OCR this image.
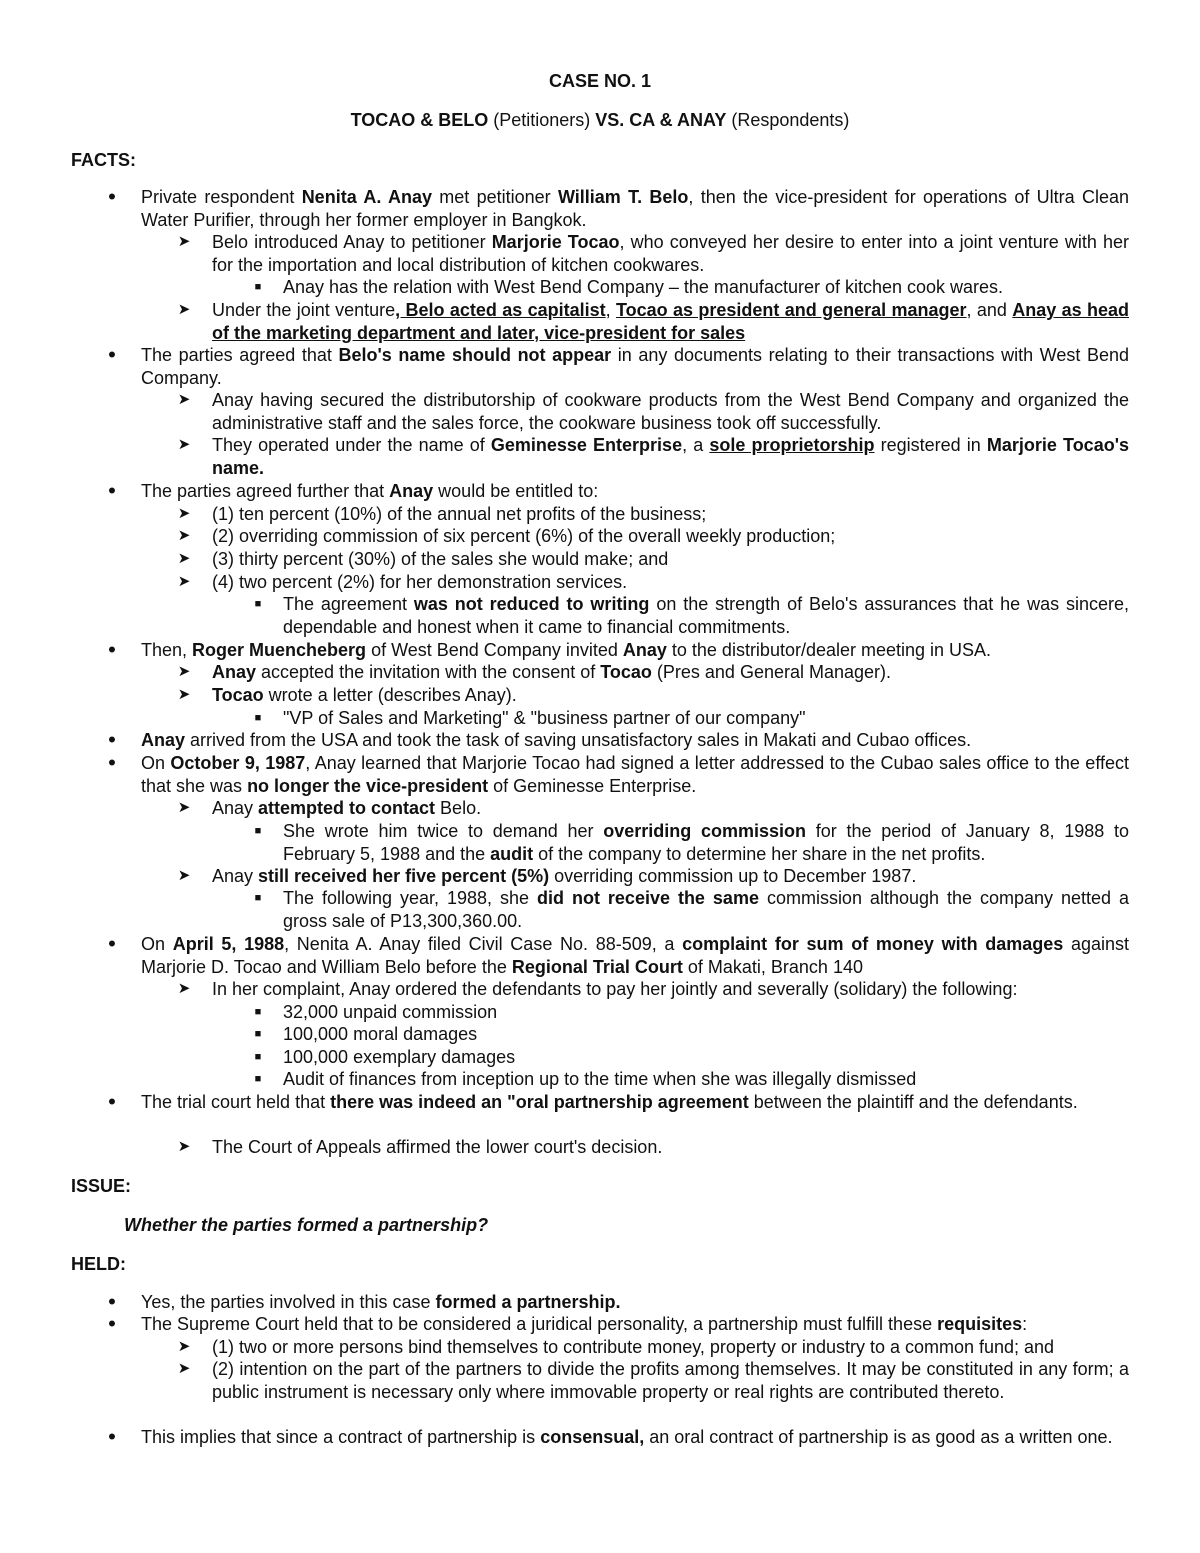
CASE NO. 1
TOCAO & BELO (Petitioners) VS. CA & ANAY (Respondents)
FACTS:
• Private respondent Nenita A. Anay met petitioner William T. Belo, then the vice-president for operations of Ultra Clean Water Purifier, through her former employer in Bangkok.
➤ Belo introduced Anay to petitioner Marjorie Tocao, who conveyed her desire to enter into a joint venture with her for the importation and local distribution of kitchen cookwares.
■ Anay has the relation with West Bend Company – the manufacturer of kitchen cook wares.
➤ Under the joint venture, Belo acted as capitalist, Tocao as president and general manager, and Anay as head of the marketing department and later, vice-president for sales
• The parties agreed that Belo's name should not appear in any documents relating to their transactions with West Bend Company.
➤ Anay having secured the distributorship of cookware products from the West Bend Company and organized the administrative staff and the sales force, the cookware business took off successfully.
➤ They operated under the name of Geminesse Enterprise, a sole proprietorship registered in Marjorie Tocao's name.
• The parties agreed further that Anay would be entitled to:
➤ (1) ten percent (10%) of the annual net profits of the business;
➤ (2) overriding commission of six percent (6%) of the overall weekly production;
➤ (3) thirty percent (30%) of the sales she would make; and
➤ (4) two percent (2%) for her demonstration services.
■ The agreement was not reduced to writing on the strength of Belo's assurances that he was sincere, dependable and honest when it came to financial commitments.
• Then, Roger Muencheberg of West Bend Company invited Anay to the distributor/dealer meeting in USA.
➤ Anay accepted the invitation with the consent of Tocao (Pres and General Manager).
➤ Tocao wrote a letter (describes Anay).
■ "VP of Sales and Marketing" & "business partner of our company"
• Anay arrived from the USA and took the task of saving unsatisfactory sales in Makati and Cubao offices.
• On October 9, 1987, Anay learned that Marjorie Tocao had signed a letter addressed to the Cubao sales office to the effect that she was no longer the vice-president of Geminesse Enterprise.
➤ Anay attempted to contact Belo.
■ She wrote him twice to demand her overriding commission for the period of January 8, 1988 to February 5, 1988 and the audit of the company to determine her share in the net profits.
➤ Anay still received her five percent (5%) overriding commission up to December 1987.
■ The following year, 1988, she did not receive the same commission although the company netted a gross sale of P13,300,360.00.
• On April 5, 1988, Nenita A. Anay filed Civil Case No. 88-509, a complaint for sum of money with damages against Marjorie D. Tocao and William Belo before the Regional Trial Court of Makati, Branch 140
➤ In her complaint, Anay ordered the defendants to pay her jointly and severally (solidary) the following:
■ 32,000 unpaid commission
■ 100,000 moral damages
■ 100,000 exemplary damages
■ Audit of finances from inception up to the time when she was illegally dismissed
• The trial court held that there was indeed an "oral partnership agreement between the plaintiff and the defendants.
➤ The Court of Appeals affirmed the lower court's decision.
ISSUE:
Whether the parties formed a partnership?
HELD:
• Yes, the parties involved in this case formed a partnership.
• The Supreme Court held that to be considered a juridical personality, a partnership must fulfill these requisites:
➤ (1) two or more persons bind themselves to contribute money, property or industry to a common fund; and
➤ (2) intention on the part of the partners to divide the profits among themselves. It may be constituted in any form; a public instrument is necessary only where immovable property or real rights are contributed thereto.
• This implies that since a contract of partnership is consensual, an oral contract of partnership is as good as a written one.
